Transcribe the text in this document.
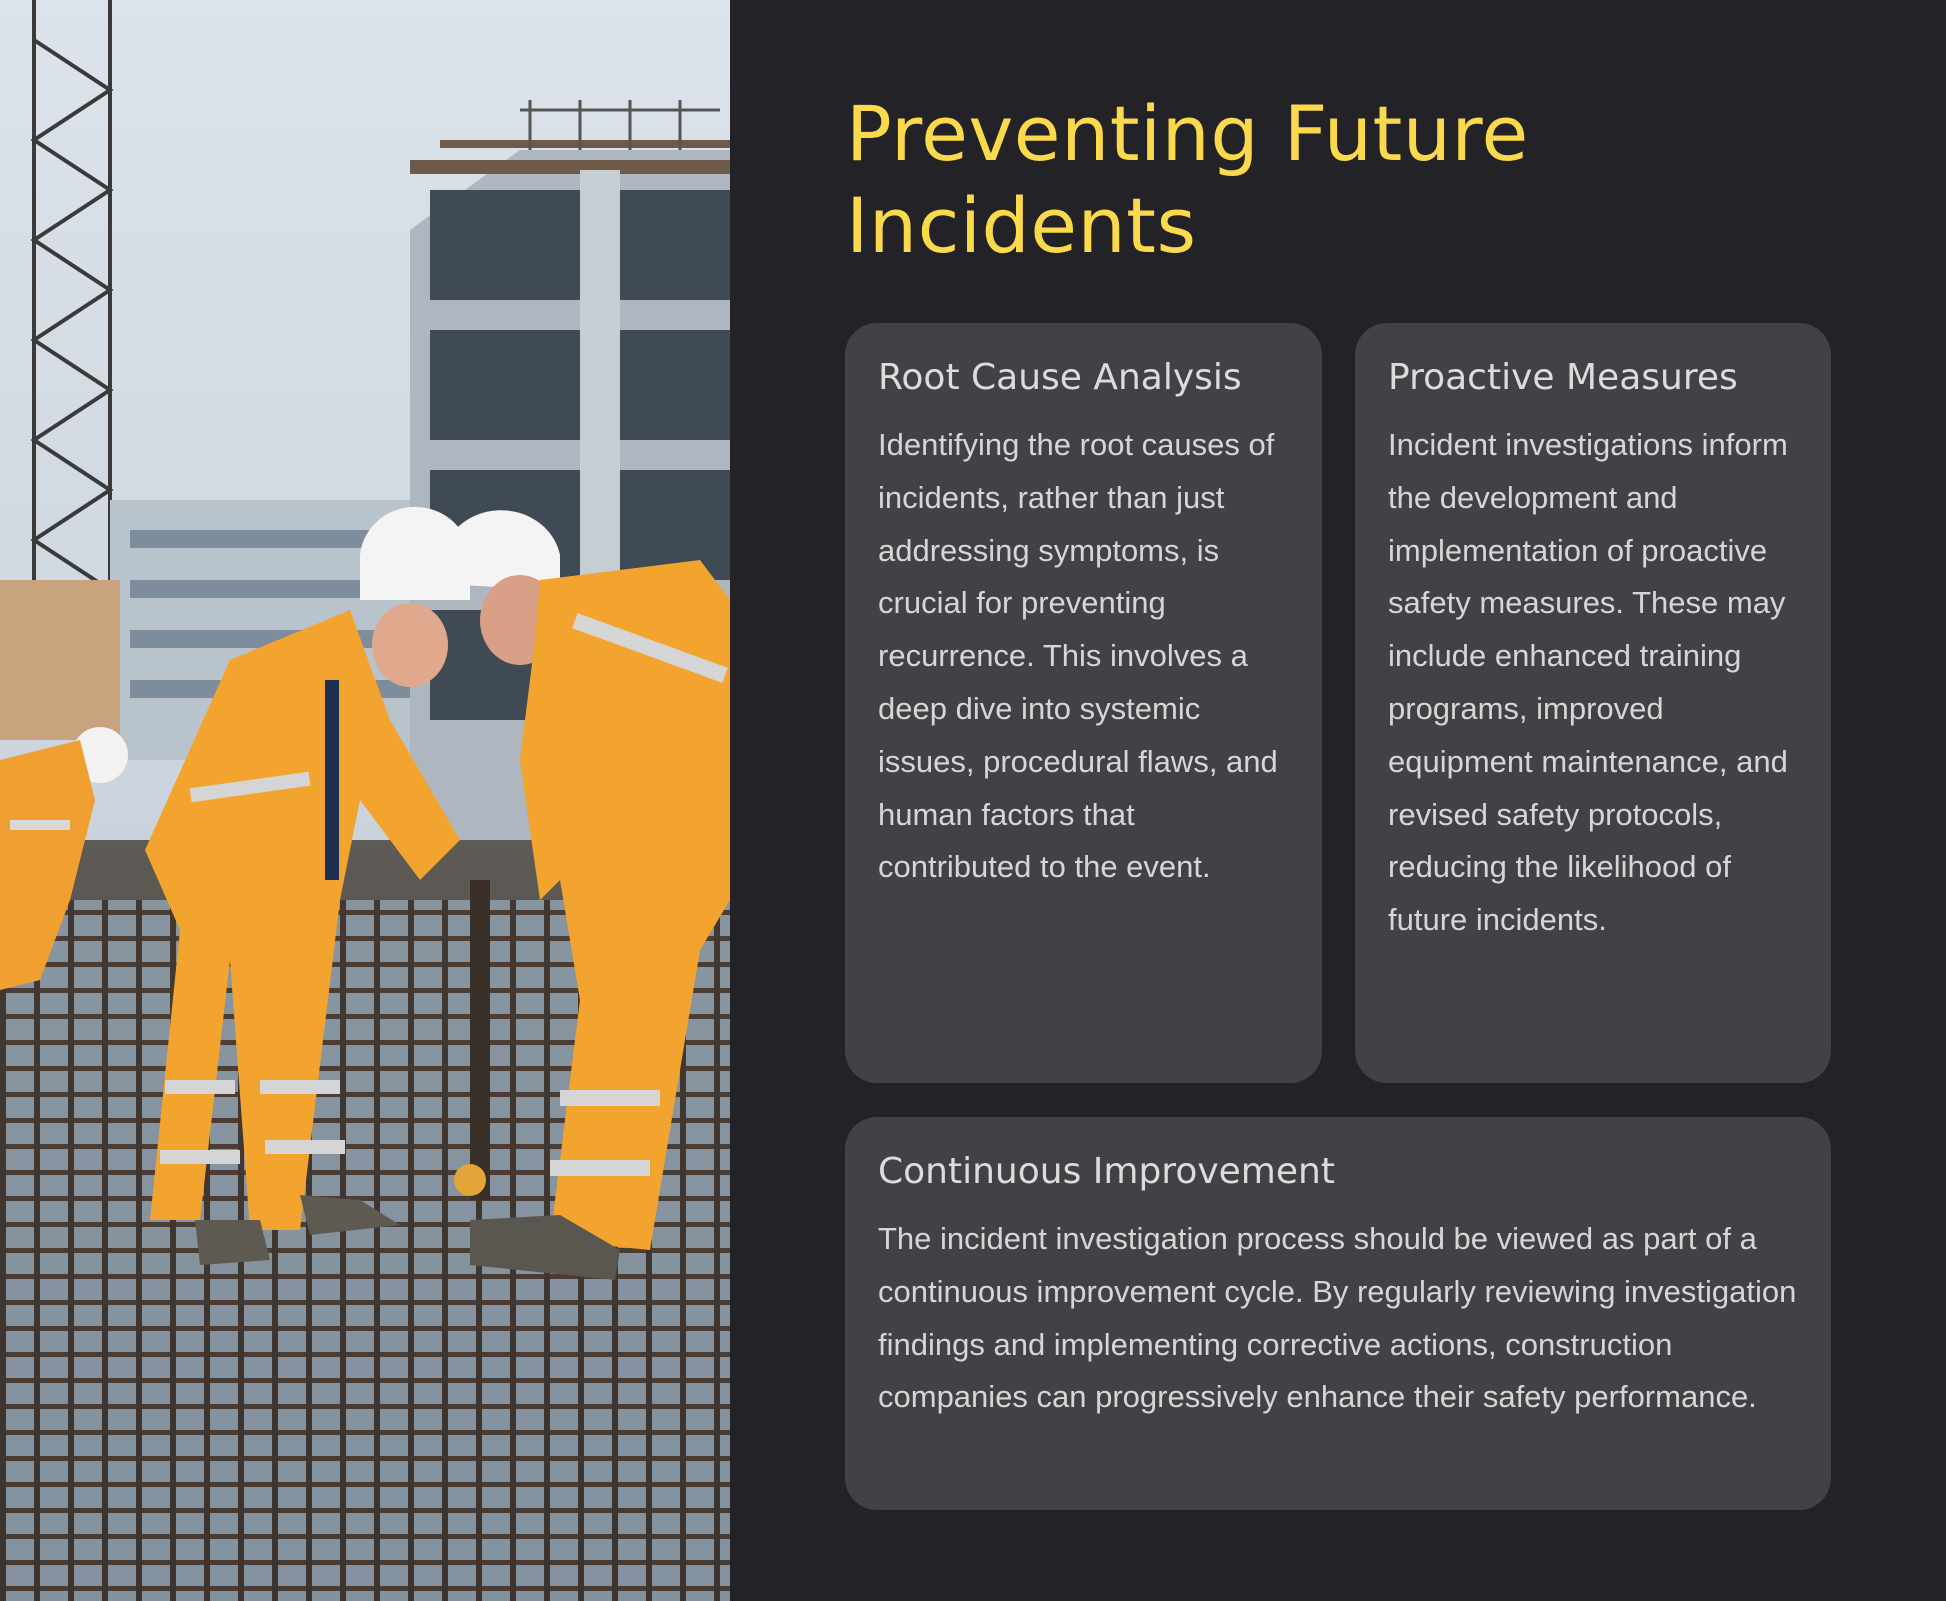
Preventing Future Incidents
Root Cause Analysis

Identifying the root causes of incidents, rather than just addressing symptoms, is crucial for preventing recurrence. This involves a deep dive into systemic issues, procedural flaws, and human factors that contributed to the event.

Proactive Measures

Incident investigations inform the development and implementation of proactive safety measures. These may include enhanced training programs, improved equipment maintenance, and revised safety protocols, reducing the likelihood of future incidents.

Continuous Improvement

The incident investigation process should be viewed as part of a continuous improvement cycle. By regularly reviewing investigation findings and implementing corrective actions, construction companies can progressively enhance their safety performance.
